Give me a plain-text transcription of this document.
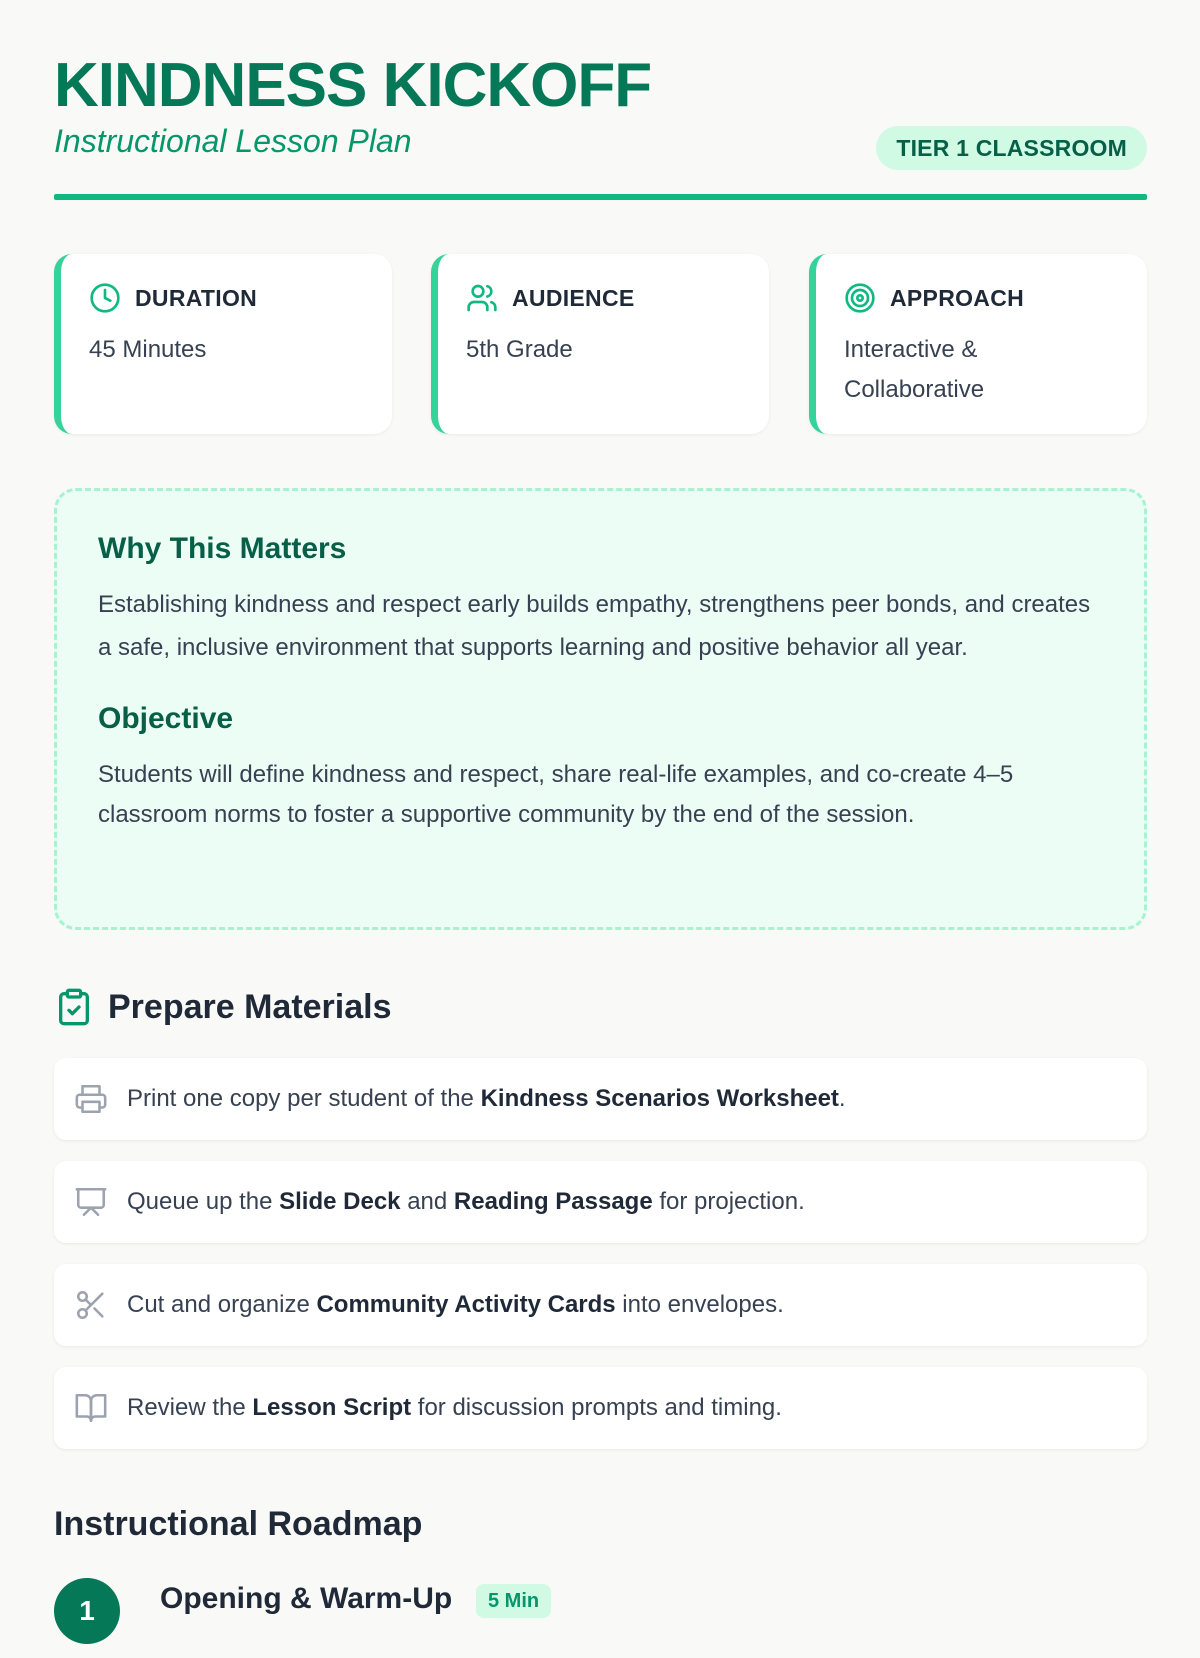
KINDNESS KICKOFF

Instructional Lesson Plan	TIER 1 CLASSROOM
DURATION
45 Minutes
AUDIENCE
5th Grade
APPROACH
Interactive & Collaborative
Why This Matters

Establishing kindness and respect early builds empathy, strengthens peer bonds, and creates a safe, inclusive environment that supports learning and positive behavior all year.

Objective

Students will define kindness and respect, share real-life examples, and co-create 4–5 classroom norms to foster a supportive community by the end of the session.

Prepare Materials
Print one copy per student of the Kindness Scenarios Worksheet.
Queue up the Slide Deck and Reading Passage for projection.
Cut and organize Community Activity Cards into envelopes.
Review the Lesson Script for discussion prompts and timing.
Instructional Roadmap
1	Opening & Warm-Up	5 Min
